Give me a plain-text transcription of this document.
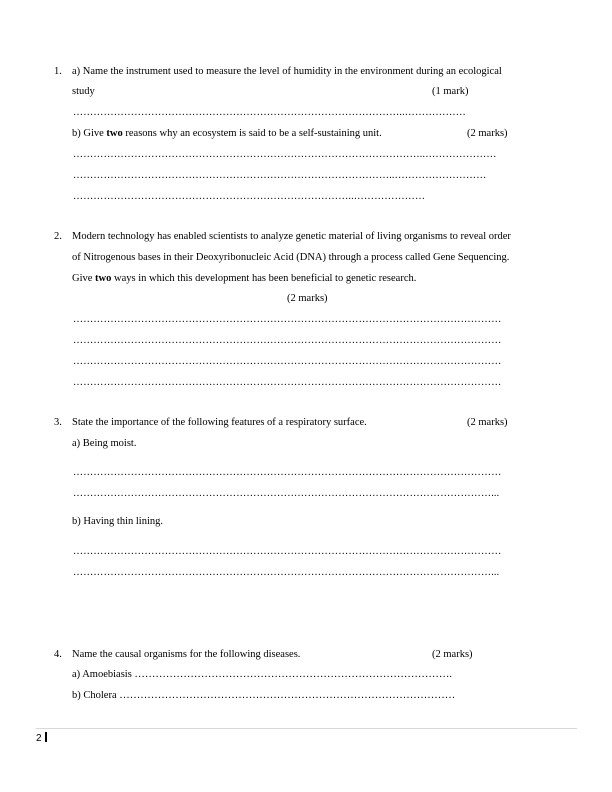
1. a) Name the instrument used to measure the level of humidity in the environment during an ecological
study	(1 mark)
……………………………………………………………………………………..………………
b) Give two reasons why an ecosystem is said to be a self-sustaining unit.	(2 marks)
…………………………………………………………………………………………..…………………
…………………………………………………………………………………..………………………
………………………………………………………………………..…………………
2. Modern technology has enabled scientists to analyze genetic material of living organisms to reveal order
of Nitrogenous bases in their Deoxyribonucleic Acid (DNA) through a process called Gene Sequencing.
Give two ways in which this development has been beneficial to genetic research.
(2 marks)
………………………………………………………………………………………………………………
………………………………………………………………………………………………………………
………………………………………………………………………………………………………………
………………………………………………………………………………………………………………
3. State the importance of the following features of a respiratory surface.	(2 marks)
a) Being moist.
………………………………………………………………………………………………………………
……………………………………………………………………………………………………………...
b) Having thin lining.
………………………………………………………………………………………………………………
……………………………………………………………………………………………………………...
4. Name the causal organisms for the following diseases.	(2 marks)
a) Amoebiasis ……………………………………………………………………………….
b) Cholera ……………………………………………………………………………………
2
